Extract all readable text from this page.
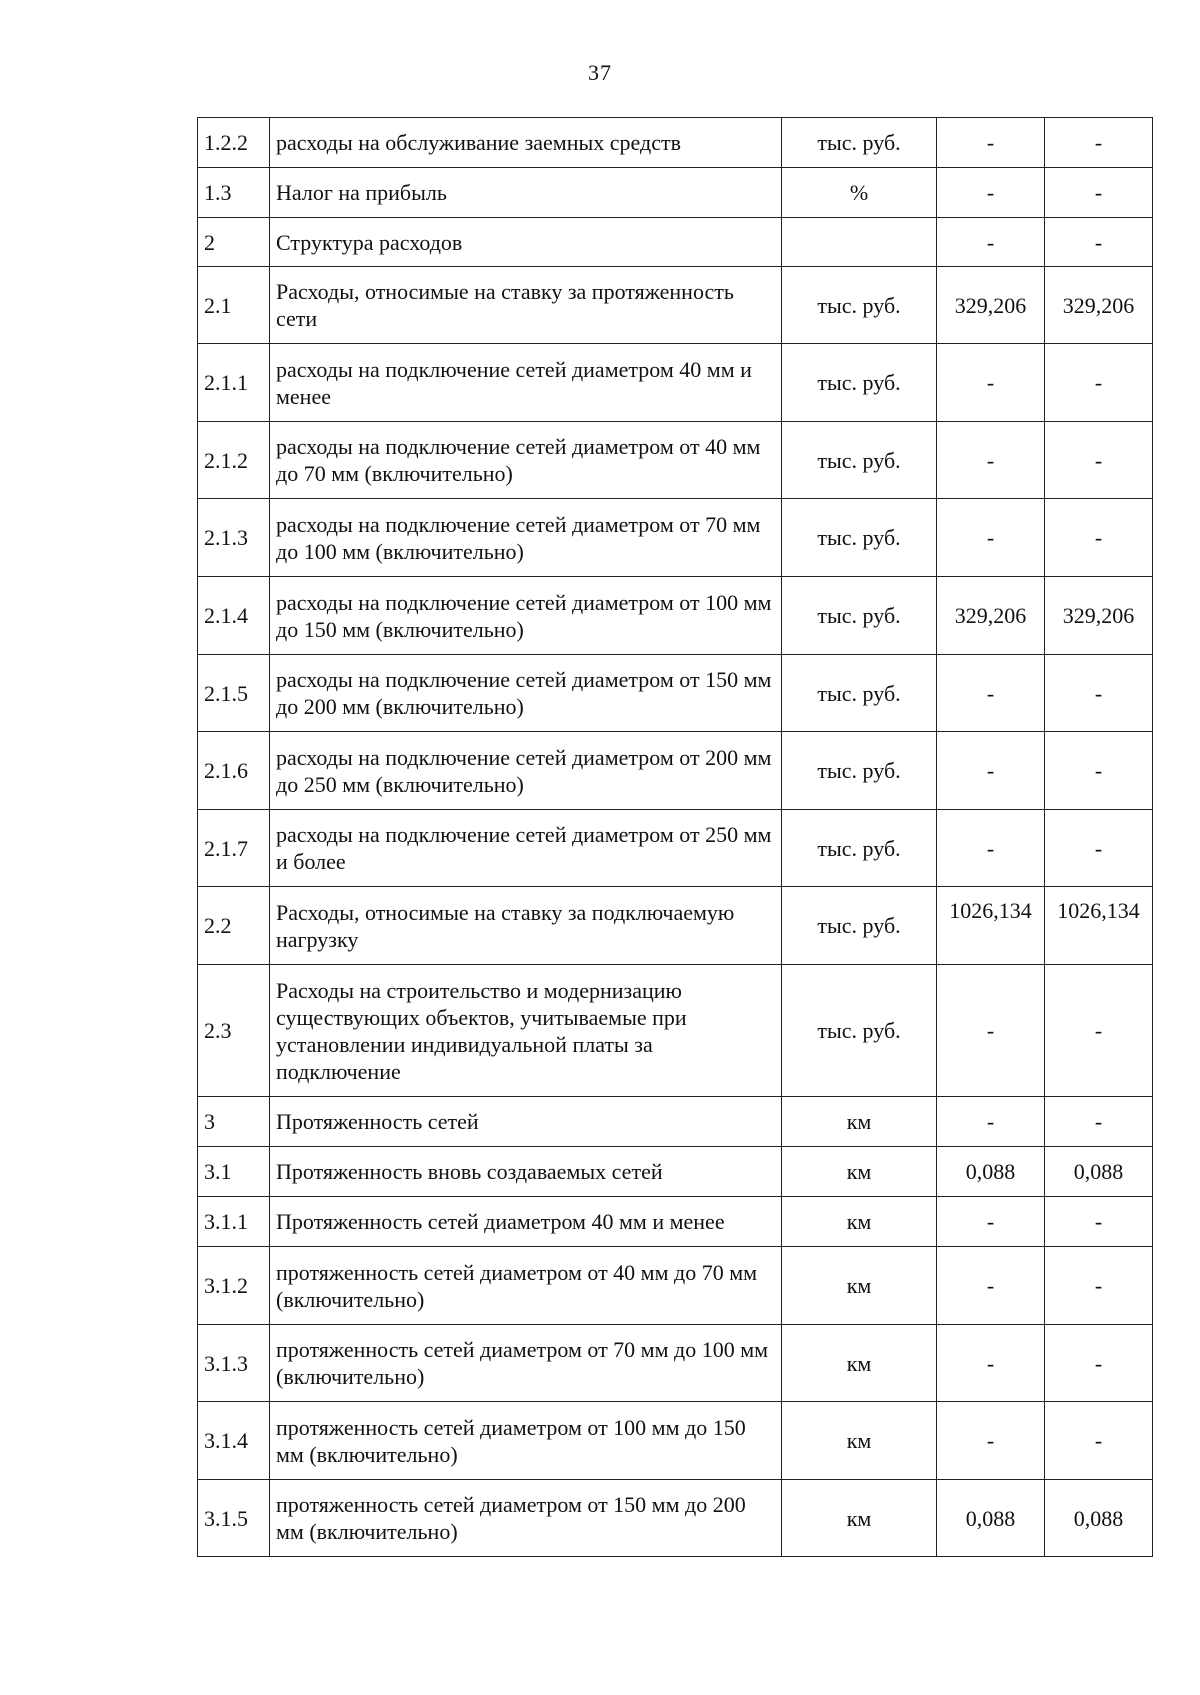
37
1.2.2	расходы на обслуживание заемных средств	тыс. руб.	-	-
1.3	Налог на прибыль	%	-	-
2	Структура расходов		-	-
2.1	Расходы, относимые на ставку за протяженность сети	тыс. руб.	329,206	329,206
2.1.1	расходы на подключение сетей диаметром 40 мм и менее	тыс. руб.	-	-
2.1.2	расходы на подключение сетей диаметром от 40 мм до 70 мм (включительно)	тыс. руб.	-	-
2.1.3	расходы на подключение сетей диаметром от 70 мм до 100 мм (включительно)	тыс. руб.	-	-
2.1.4	расходы на подключение сетей диаметром от 100 мм до 150 мм (включительно)	тыс. руб.	329,206	329,206
2.1.5	расходы на подключение сетей диаметром от 150 мм до 200 мм (включительно)	тыс. руб.	-	-
2.1.6	расходы на подключение сетей диаметром от 200 мм до 250 мм (включительно)	тыс. руб.	-	-
2.1.7	расходы на подключение сетей диаметром от 250 мм и более	тыс. руб.	-	-
2.2	Расходы, относимые на ставку за подключаемую нагрузку	тыс. руб.	1026,134	1026,134
2.3	Расходы на строительство и модернизацию существующих объектов, учитываемые при установлении индивидуальной платы за подключение	тыс. руб.	-	-
3	Протяженность сетей	км	-	-
3.1	Протяженность вновь создаваемых сетей	км	0,088	0,088
3.1.1	Протяженность сетей диаметром 40 мм и менее	км	-	-
3.1.2	протяженность сетей диаметром от 40 мм до 70 мм (включительно)	км	-	-
3.1.3	протяженность сетей диаметром от 70 мм до 100 мм (включительно)	км	-	-
3.1.4	протяженность сетей диаметром от 100 мм до 150 мм (включительно)	км	-	-
3.1.5	протяженность сетей диаметром от 150 мм до 200 мм (включительно)	км	0,088	0,088
